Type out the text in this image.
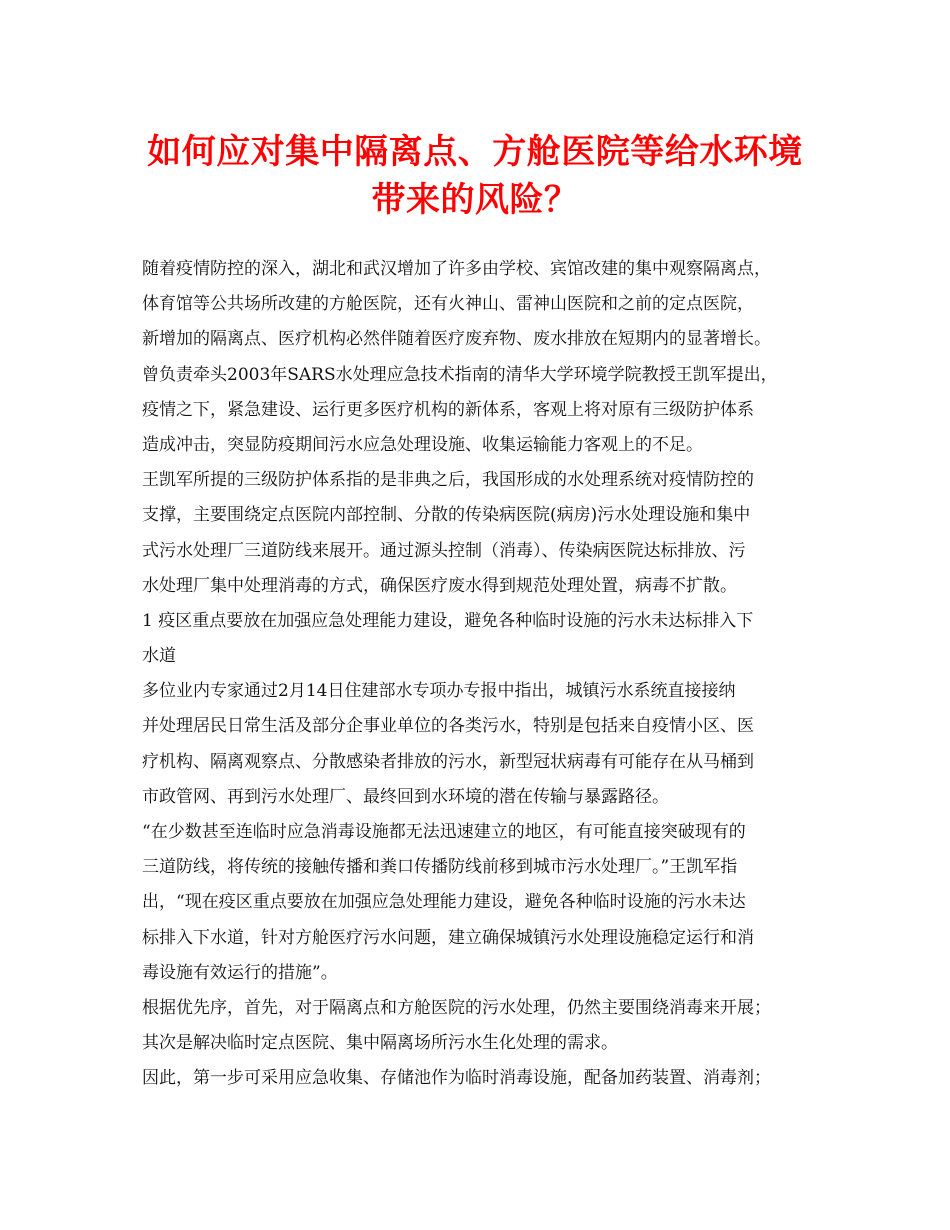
如何应对集中隔离点、方舱医院等给水环境
带来的风险？
随着疫情防控的深入，湖北和武汉增加了许多由学校、宾馆改建的集中观察隔离点，
体育馆等公共场所改建的方舱医院，还有火神山、雷神山医院和之前的定点医院，
新增加的隔离点、医疗机构必然伴随着医疗废弃物、废水排放在短期内的显著增长。
曾负责牵头2003年SARS水处理应急技术指南的清华大学环境学院教授王凯军提出，
疫情之下，紧急建设、运行更多医疗机构的新体系，客观上将对原有三级防护体系
造成冲击，突显防疫期间污水应急处理设施、收集运输能力客观上的不足。
王凯军所提的三级防护体系指的是非典之后，我国形成的水处理系统对疫情防控的
支撑，主要围绕定点医院内部控制、分散的传染病医院(病房)污水处理设施和集中
式污水处理厂三道防线来展开。通过源头控制（消毒）、传染病医院达标排放、污
水处理厂集中处理消毒的方式，确保医疗废水得到规范处理处置，病毒不扩散。
1 疫区重点要放在加强应急处理能力建设，避免各种临时设施的污水未达标排入下
水道
多位业内专家通过2月14日住建部水专项办专报中指出，城镇污水系统直接接纳
并处理居民日常生活及部分企事业单位的各类污水，特别是包括来自疫情小区、医
疗机构、隔离观察点、分散感染者排放的污水，新型冠状病毒有可能存在从马桶到
市政管网、再到污水处理厂、最终回到水环境的潜在传输与暴露路径。
“在少数甚至连临时应急消毒设施都无法迅速建立的地区，有可能直接突破现有的
三道防线，将传统的接触传播和粪口传播防线前移到城市污水处理厂。”王凯军指
出，“现在疫区重点要放在加强应急处理能力建设，避免各种临时设施的污水未达
标排入下水道，针对方舱医疗污水问题，建立确保城镇污水处理设施稳定运行和消
毒设施有效运行的措施”。
根据优先序，首先，对于隔离点和方舱医院的污水处理，仍然主要围绕消毒来开展；
其次是解决临时定点医院、集中隔离场所污水生化处理的需求。
因此，第一步可采用应急收集、存储池作为临时消毒设施，配备加药装置、消毒剂；
